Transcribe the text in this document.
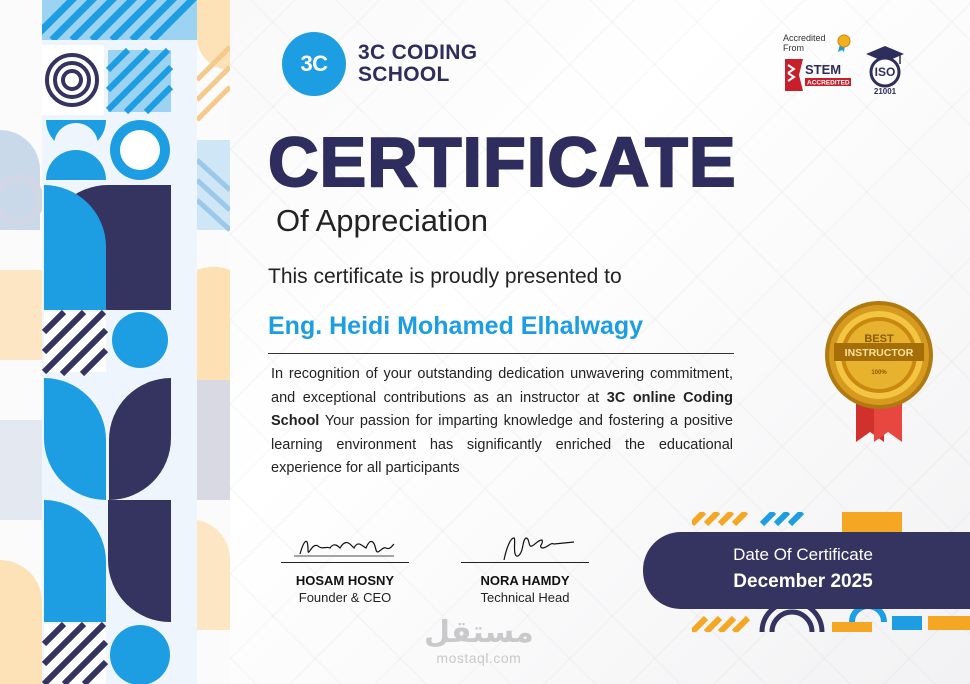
3C	3C CODING
SCHOOL
Accredited
From
STEM
ACCREDITED
ISO
21001
CERTIFICATE
Of Appreciation
This certificate is proudly presented to
Eng. Heidi Mohamed Elhalwagy
In recognition of your outstanding dedication unwavering commitment, and exceptional contributions as an instructor at 3C online Coding School Your passion for imparting knowledge and fostering a positive learning environment has significantly enriched the educational experience for all participants
BEST
INSTRUCTOR
100%
HOSAM HOSNY
Founder & CEO
NORA HAMDY
Technical Head
Date Of Certificate
December 2025
مستقل
mostaql.com
